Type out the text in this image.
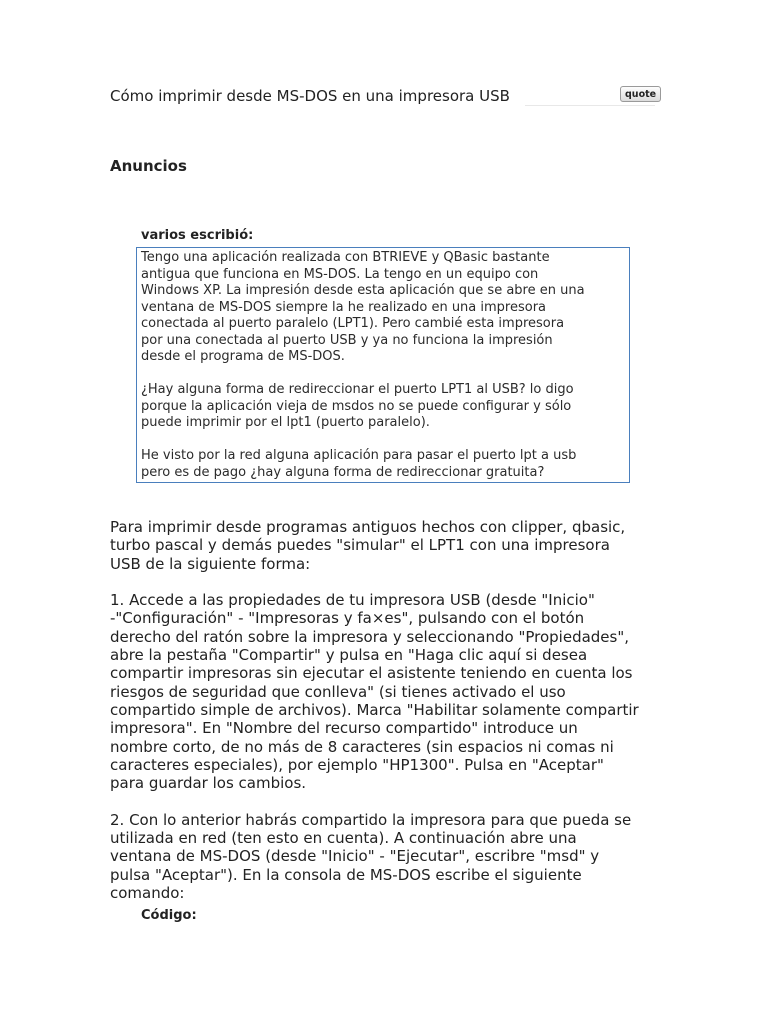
Cómo imprimir desde MS-DOS en una impresora USB	quote
Anuncios
varios escribió:

Tengo una aplicación realizada con BTRIEVE y QBasic bastante
antigua que funciona en MS-DOS. La tengo en un equipo con
Windows XP. La impresión desde esta aplicación que se abre en una
ventana de MS-DOS siempre la he realizado en una impresora
conectada al puerto paralelo (LPT1). Pero cambié esta impresora
por una conectada al puerto USB y ya no funciona la impresión
desde el programa de MS-DOS.

¿Hay alguna forma de redireccionar el puerto LPT1 al USB? lo digo
porque la aplicación vieja de msdos no se puede configurar y sólo
puede imprimir por el lpt1 (puerto paralelo).

He visto por la red alguna aplicación para pasar el puerto lpt a usb
pero es de pago ¿hay alguna forma de redireccionar gratuita?

Para imprimir desde programas antiguos hechos con clipper, qbasic,
turbo pascal y demás puedes "simular" el LPT1 con una impresora
USB de la siguiente forma:

1. Accede a las propiedades de tu impresora USB (desde "Inicio"
-"Configuración" - "Impresoras y fa×es", pulsando con el botón
derecho del ratón sobre la impresora y seleccionando "Propiedades",
abre la pestaña "Compartir" y pulsa en "Haga clic aquí si desea
compartir impresoras sin ejecutar el asistente teniendo en cuenta los
riesgos de seguridad que conlleva" (si tienes activado el uso
compartido simple de archivos). Marca "Habilitar solamente compartir
impresora". En "Nombre del recurso compartido" introduce un
nombre corto, de no más de 8 caracteres (sin espacios ni comas ni
caracteres especiales), por ejemplo "HP1300". Pulsa en "Aceptar"
para guardar los cambios.

2. Con lo anterior habrás compartido la impresora para que pueda se
utilizada en red (ten esto en cuenta). A continuación abre una
ventana de MS-DOS (desde "Inicio" - "Ejecutar", escribre "msd" y
pulsa "Aceptar"). En la consola de MS-DOS escribe el siguiente
comando:

Código:
